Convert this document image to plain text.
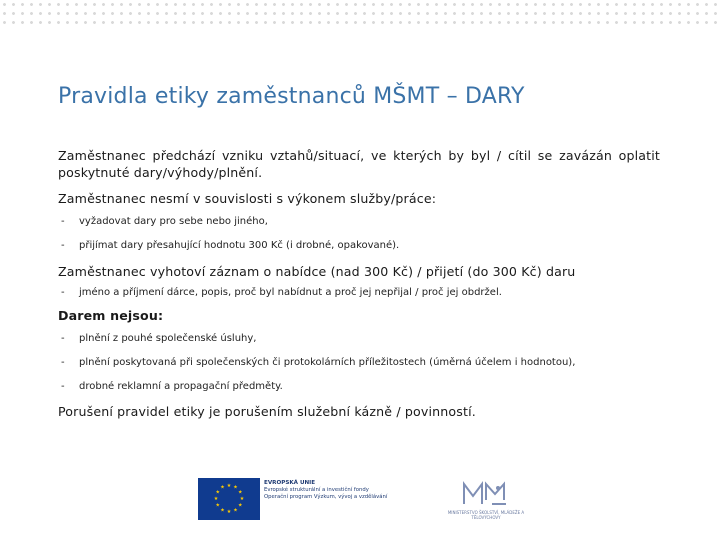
Pravidla etiky zaměstnanců MŠMT – DARY

Zaměstnanec předchází vzniku vztahů/situací, ve kterých by byl / cítil se zavázán oplatit poskytnuté dary/výhody/plnění.

Zaměstnanec nesmí v souvislosti s výkonem služby/práce:

- vyžadovat dary pro sebe nebo jiného,
- přijímat dary přesahující hodnotu 300 Kč (i drobné, opakované).

Zaměstnanec vyhotoví záznam o nabídce (nad 300 Kč) / přijetí (do 300 Kč) daru

- jméno a příjmení dárce, popis, proč byl nabídnut a proč jej nepřijal / proč jej obdržel.

Darem nejsou:

- plnění z pouhé společenské úsluhy,
- plnění poskytovaná při společenských či protokolárních příležitostech (úměrná účelem i hodnotou),
- drobné reklamní a propagační předměty.

Porušení pravidel etiky je porušením služební kázně / povinností.

★ ★
★
★
★
★
★
★
★
★
★
★
EVROPSKÁ UNIE
Evropské strukturální a investiční fondy
Operační program Výzkum, vývoj a vzdělávání
MINISTERSTVO ŠKOLSTVÍ, MLÁDEŽE A TĚLOVÝCHOVY
